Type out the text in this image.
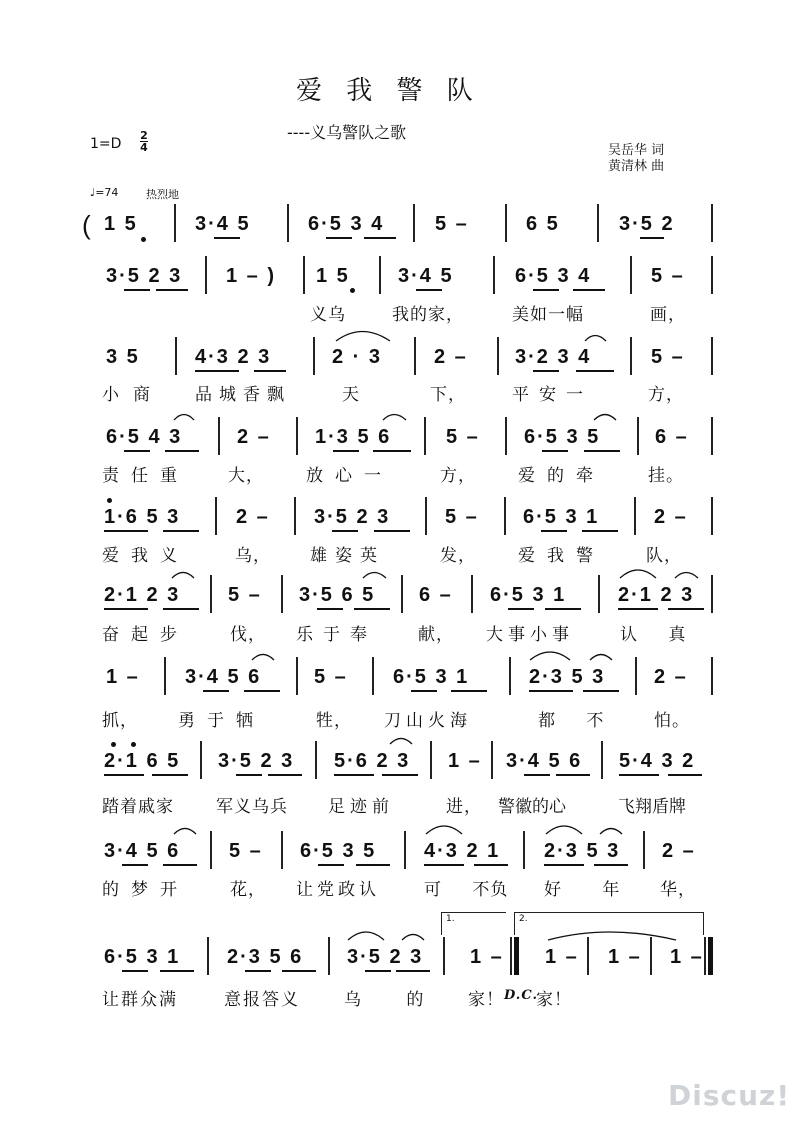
爱 我 警 队
----义乌警队之歌
1=D
2
4	吴岳华 词
黄清林 曲
♩=74	热烈地
( 1 5	3·4 5	6·5 3 4	5 –	6 5	3·5 2
3·5 2 3 1 – ) 1 5 3·4 5	6·5 3 4	5 –
义乌	我的家，	美如一幅	画，
3 5	4·3 2 3	2 · 3	2 – 3·2 3 4	5 –
小商 品城香飘	天	下，	平安一	方，
6·5 4 3	2 – 1·3 5 6	5 – 6·5 3 5	6 –
责任重 大， 放心一	方， 爱的牵	挂。
1·6 5 3	2 – 3·5 2 3	5 – 6·5 3 1	2 –
爱我义	乌， 雄姿英	发， 爱我警 队，
2·1 2 3 5 – 3·5 6 5 6 – 6·5 3 1	2·1 2 3
奋起步 伐， 乐于奉 献， 大事小事	认 真
1 – 3·4 5 6	5 – 6·5 3 1	2·3 5 3 2 –
抓， 勇于牺	牲， 刀山火海	都 不	怕。
2·1 6 5 3·5 2 3 5·6 2 3 1 – 3·4 5 6 5·4 3 2
踏着戚家 军义乌兵 足迹前	进， 警徽的心	飞翔盾牌
3·4 5 6 5 – 6·5 3 5 4·3 2 1 2·3 5 3 2 –
的梦开 花， 让党政认	可 不负 好 年 华，
1.	2.
6·5 3 1 2·3 5 6 3·5 2 3 1 – 1 – 1 – 1 –
让群众满	意报答义	乌 的	家！ D.C.
家！
Discuz!
